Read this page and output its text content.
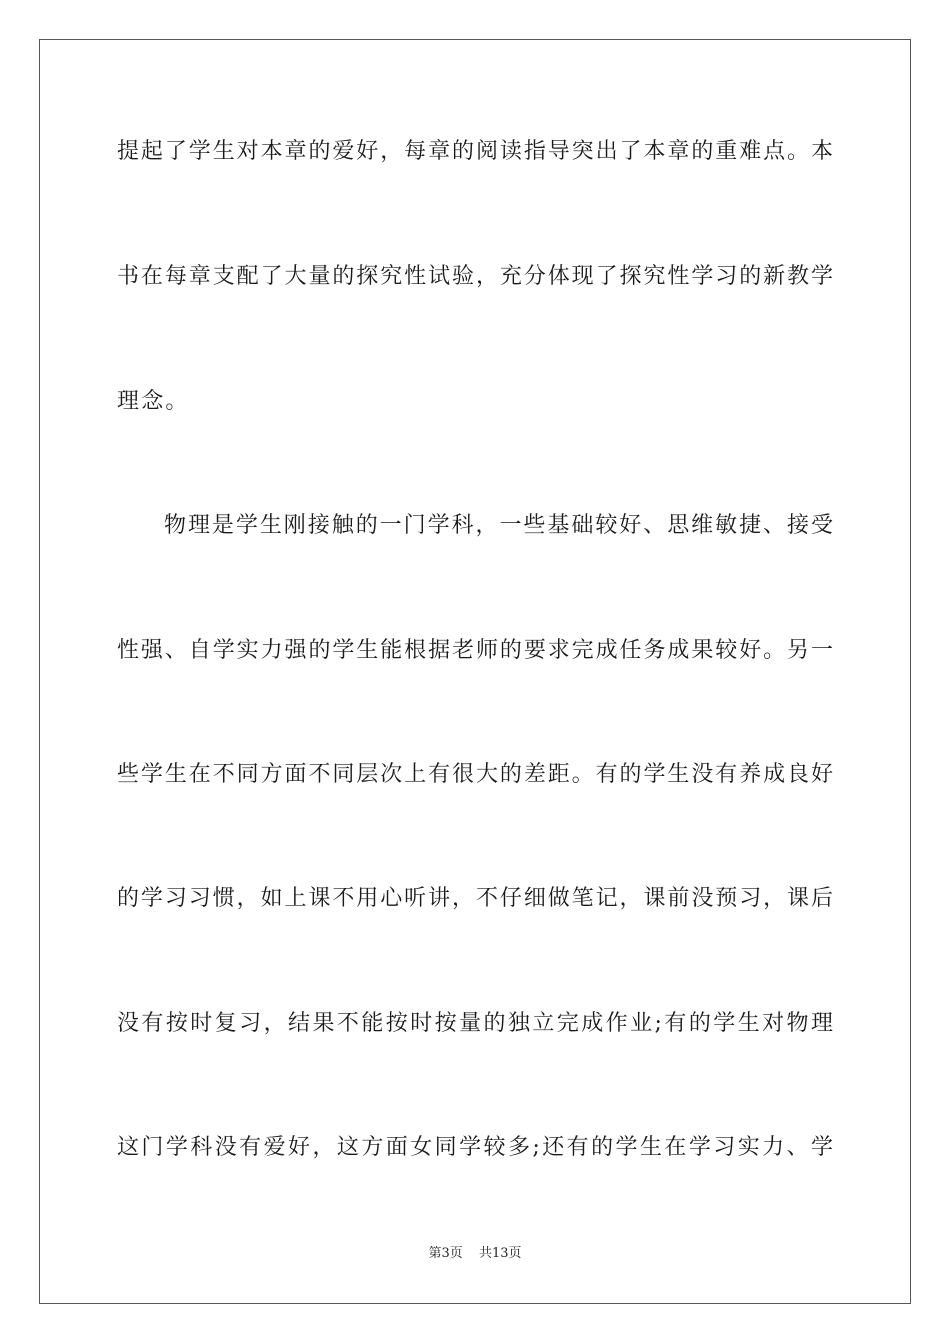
提起了学生对本章的爱好，每章的阅读指导突出了本章的重难点。本
书在每章支配了大量的探究性试验，充分体现了探究性学习的新教学
理念。
物理是学生刚接触的一门学科，一些基础较好、思维敏捷、接受
性强、自学实力强的学生能根据老师的要求完成任务成果较好。另一
些学生在不同方面不同层次上有很大的差距。有的学生没有养成良好
的学习习惯，如上课不用心听讲，不仔细做笔记，课前没预习，课后
没有按时复习，结果不能按时按量的独立完成作业;有的学生对物理
这门学科没有爱好，这方面女同学较多;还有的学生在学习实力、学
第3页 共13页
